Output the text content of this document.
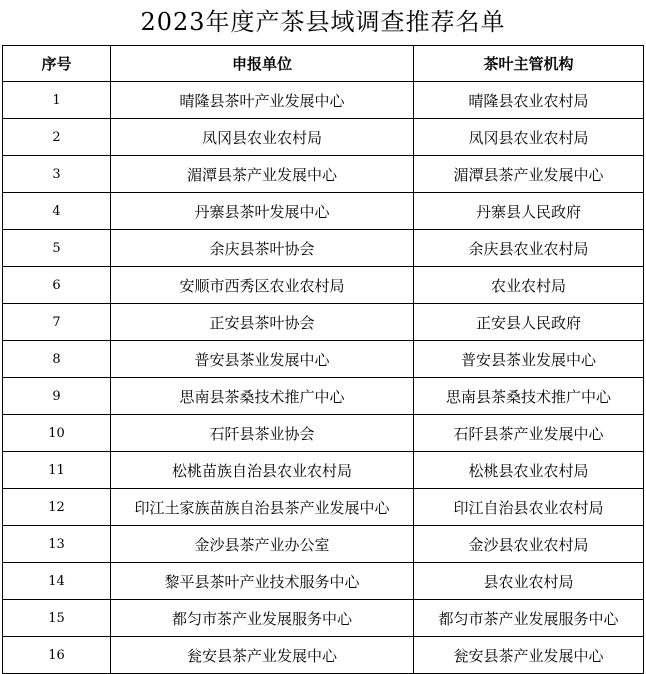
2023年度产茶县域调查推荐名单
序号	申报单位	茶叶主管机构
1	晴隆县茶叶产业发展中心	晴隆县农业农村局
2	凤冈县农业农村局	凤冈县农业农村局
3	湄潭县茶产业发展中心	湄潭县茶产业发展中心
4	丹寨县茶叶发展中心	丹寨县人民政府
5	余庆县茶叶协会	余庆县农业农村局
6	安顺市西秀区农业农村局	农业农村局
7	正安县茶叶协会	正安县人民政府
8	普安县茶业发展中心	普安县茶业发展中心
9	思南县茶桑技术推广中心	思南县茶桑技术推广中心
10	石阡县茶业协会	石阡县茶产业发展中心
11	松桃苗族自治县农业农村局	松桃县农业农村局
12	印江土家族苗族自治县茶产业发展中心	印江自治县农业农村局
13	金沙县茶产业办公室	金沙县农业农村局
14	黎平县茶叶产业技术服务中心	县农业农村局
15	都匀市茶产业发展服务中心	都匀市茶产业发展服务中心
16	瓮安县茶产业发展中心	瓮安县茶产业发展中心
